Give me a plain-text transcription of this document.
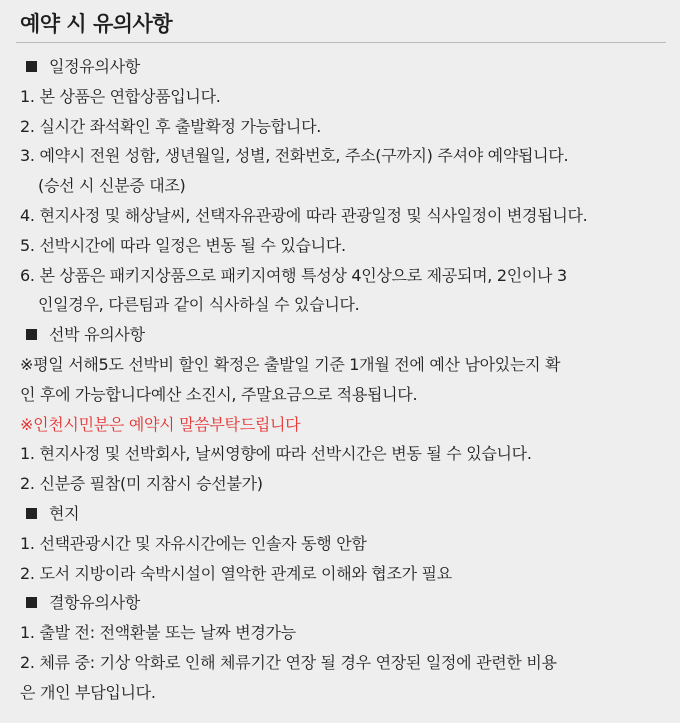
예약 시 유의사항
일정유의사항
1. 본 상품은 연합상품입니다.
2. 실시간 좌석확인 후 출발확정 가능합니다.
3. 예약시 전원 성함, 생년월일, 성별, 전화번호, 주소(구까지) 주셔야 예약됩니다.
(승선 시 신분증 대조)
4. 현지사정 및 해상날씨, 선택자유관광에 따라 관광일정 및 식사일정이 변경됩니다.
5. 선박시간에 따라 일정은 변동 될 수 있습니다.
6. 본 상품은 패키지상품으로 패키지여행 특성상 4인상으로 제공되며, 2인이나 3
인일경우, 다른팀과 같이 식사하실 수 있습니다.
선박 유의사항
※평일 서해5도 선박비 할인 확정은 출발일 기준 1개월 전에 예산 남아있는지 확
인 후에 가능합니다예산 소진시, 주말요금으로 적용됩니다.
※인천시민분은 예약시 말씀부탁드립니다
1. 현지사정 및 선박회사, 날씨영향에 따라 선박시간은 변동 될 수 있습니다.
2. 신분증 필참(미 지참시 승선불가)
현지
1. 선택관광시간 및 자유시간에는 인솔자 동행 안함
2. 도서 지방이라 숙박시설이 열악한 관계로 이해와 협조가 필요
결항유의사항
1. 출발 전: 전액환불 또는 날짜 변경가능
2. 체류 중: 기상 악화로 인해 체류기간 연장 될 경우 연장된 일정에 관련한 비용
은 개인 부담입니다.
